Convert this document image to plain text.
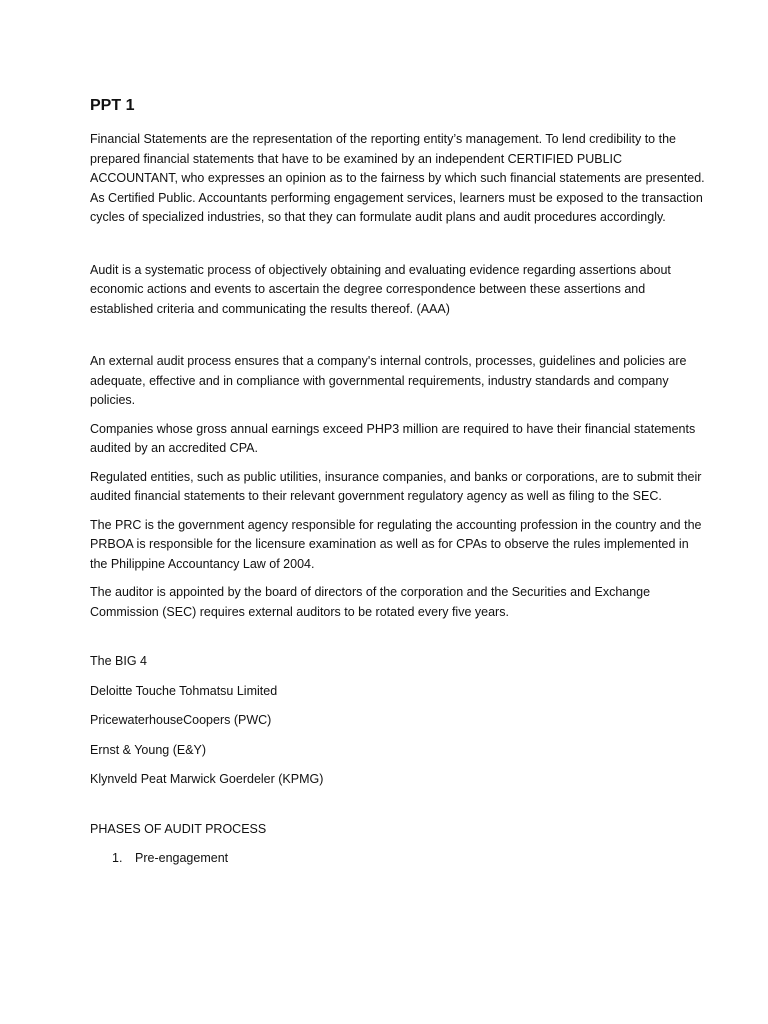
PPT 1

Financial Statements are the representation of the reporting entity’s management. To lend credibility to the prepared financial statements that have to be examined by an independent CERTIFIED PUBLIC ACCOUNTANT, who expresses an opinion as to the fairness by which such financial statements are presented. As Certified Public. Accountants performing engagement services, learners must be exposed to the transaction cycles of specialized industries, so that they can formulate audit plans and audit procedures accordingly.

Audit is a systematic process of objectively obtaining and evaluating evidence regarding assertions about economic actions and events to ascertain the degree correspondence between these assertions and established criteria and communicating the results thereof. (AAA)

An external audit process ensures that a company's internal controls, processes, guidelines and policies are adequate, effective and in compliance with governmental requirements, industry standards and company policies.

Companies whose gross annual earnings exceed PHP3 million are required to have their financial statements audited by an accredited CPA.

Regulated entities, such as public utilities, insurance companies, and banks or corporations, are to submit their audited financial statements to their relevant government regulatory agency as well as filing to the SEC.

The PRC is the government agency responsible for regulating the accounting profession in the country and the PRBOA is responsible for the licensure examination as well as for CPAs to observe the rules implemented in the Philippine Accountancy Law of 2004.

The auditor is appointed by the board of directors of the corporation and the Securities and Exchange Commission (SEC) requires external auditors to be rotated every five years.

The BIG 4

Deloitte Touche Tohmatsu Limited

PricewaterhouseCoopers (PWC)

Ernst & Young (E&Y)

Klynveld Peat Marwick Goerdeler (KPMG)

PHASES OF AUDIT PROCESS

1.	Pre-engagement
